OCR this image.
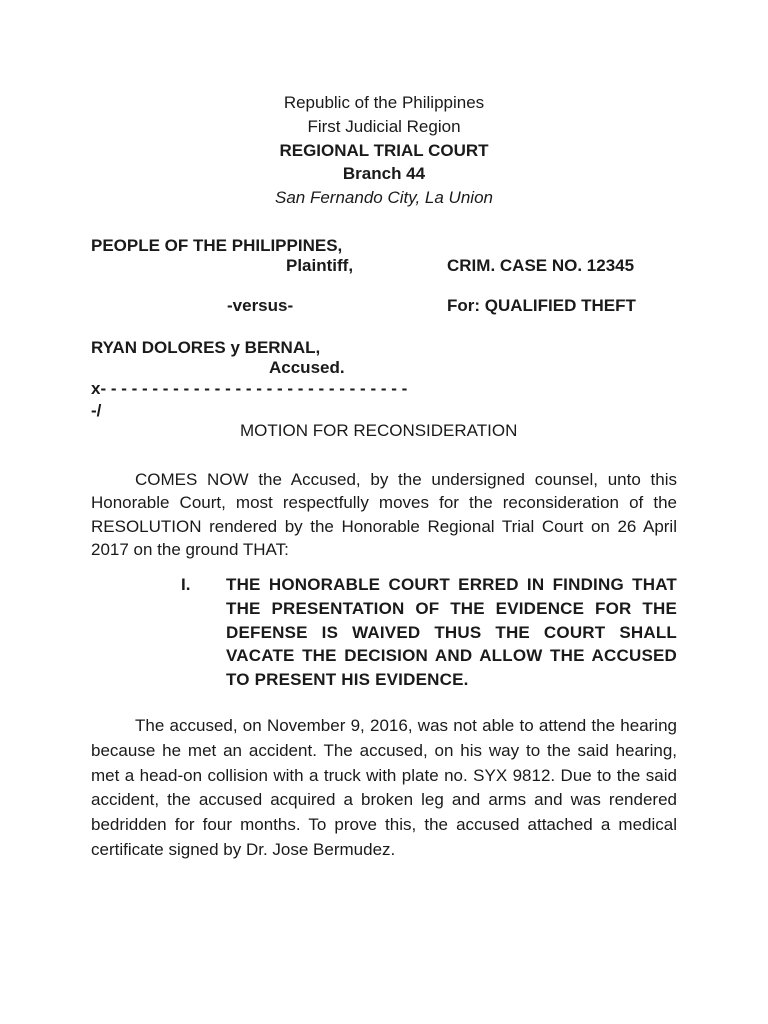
Republic of the Philippines
First Judicial Region
REGIONAL TRIAL COURT
Branch 44
San Fernando City, La Union
PEOPLE OF THE PHILIPPINES,
Plaintiff,	CRIM. CASE NO. 12345
-versus-	For: QUALIFIED THEFT
RYAN DOLORES y BERNAL,
Accused.
x- - - - - - - - - - - - - - - - - - - - - - - - - - - - - -
-/
MOTION FOR RECONSIDERATION

COMES NOW the Accused, by the undersigned counsel, unto this Honorable Court, most respectfully moves for the reconsideration of the RESOLUTION rendered by the Honorable Regional Trial Court on 26 April 2017 on the ground THAT:

I. THE HONORABLE COURT ERRED IN FINDING THAT THE PRESENTATION OF THE EVIDENCE FOR THE DEFENSE IS WAIVED THUS THE COURT SHALL VACATE THE DECISION AND ALLOW THE ACCUSED
TO PRESENT HIS EVIDENCE.

The accused, on November 9, 2016, was not able to attend the hearing because he met an accident. The accused, on his way to the said hearing, met a head-on collision with a truck with plate no. SYX 9812. Due to the said accident, the accused acquired a broken leg and arms and was rendered bedridden for four months. To prove this, the accused attached a medical certificate signed by Dr. Jose Bermudez.
